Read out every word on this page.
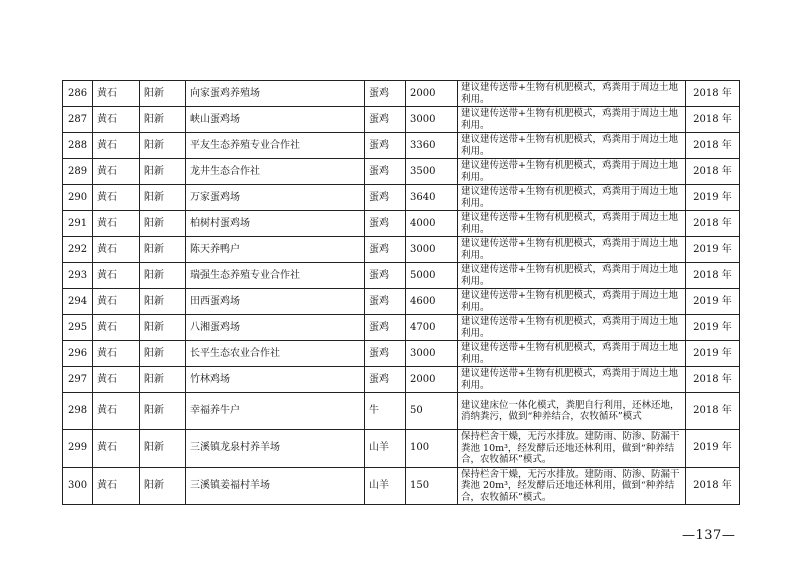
286	黄石	阳新	向家蛋鸡养殖场	蛋鸡	2000	建议建传送带+生物有机肥模式，鸡粪用于周边土地利用。	2018 年
287	黄石	阳新	峡山蛋鸡场	蛋鸡	3000	建议建传送带+生物有机肥模式，鸡粪用于周边土地利用。	2018 年
288	黄石	阳新	平友生态养殖专业合作社	蛋鸡	3360	建议建传送带+生物有机肥模式，鸡粪用于周边土地利用。	2018 年
289	黄石	阳新	龙井生态合作社	蛋鸡	3500	建议建传送带+生物有机肥模式，鸡粪用于周边土地利用。	2018 年
290	黄石	阳新	万家蛋鸡场	蛋鸡	3640	建议建传送带+生物有机肥模式，鸡粪用于周边土地利用。	2019 年
291	黄石	阳新	柏树村蛋鸡场	蛋鸡	4000	建议建传送带+生物有机肥模式，鸡粪用于周边土地利用。	2018 年
292	黄石	阳新	陈天养鸭户	蛋鸡	3000	建议建传送带+生物有机肥模式，鸡粪用于周边土地利用。	2019 年
293	黄石	阳新	瑞强生态养殖专业合作社	蛋鸡	5000	建议建传送带+生物有机肥模式，鸡粪用于周边土地利用。	2018 年
294	黄石	阳新	田西蛋鸡场	蛋鸡	4600	建议建传送带+生物有机肥模式，鸡粪用于周边土地利用。	2019 年
295	黄石	阳新	八湘蛋鸡场	蛋鸡	4700	建议建传送带+生物有机肥模式，鸡粪用于周边土地利用。	2019 年
296	黄石	阳新	长平生态农业合作社	蛋鸡	3000	建议建传送带+生物有机肥模式，鸡粪用于周边土地利用。	2019 年
297	黄石	阳新	竹林鸡场	蛋鸡	2000	建议建传送带+生物有机肥模式，鸡粪用于周边土地利用。	2018 年
298	黄石	阳新	幸福养牛户	牛	50	建议建床位一体化模式，粪肥自行利用，还林还地，消纳粪污，做到“种养结合，农牧循环”模式	2018 年
299	黄石	阳新	三溪镇龙泉村养羊场	山羊	100	保持栏舍干燥，无污水排放。建防雨、防渗、防漏干粪池 10m³，经发酵后还地还林利用，做到“种养结合，农牧循环”模式。	2019 年
300	黄石	阳新	三溪镇姜福村羊场	山羊	150	保持栏舍干燥，无污水排放。建防雨、防渗、防漏干粪池 20m³，经发酵后还地还林利用，做到“种养结合，农牧循环”模式。	2018 年
—137—
